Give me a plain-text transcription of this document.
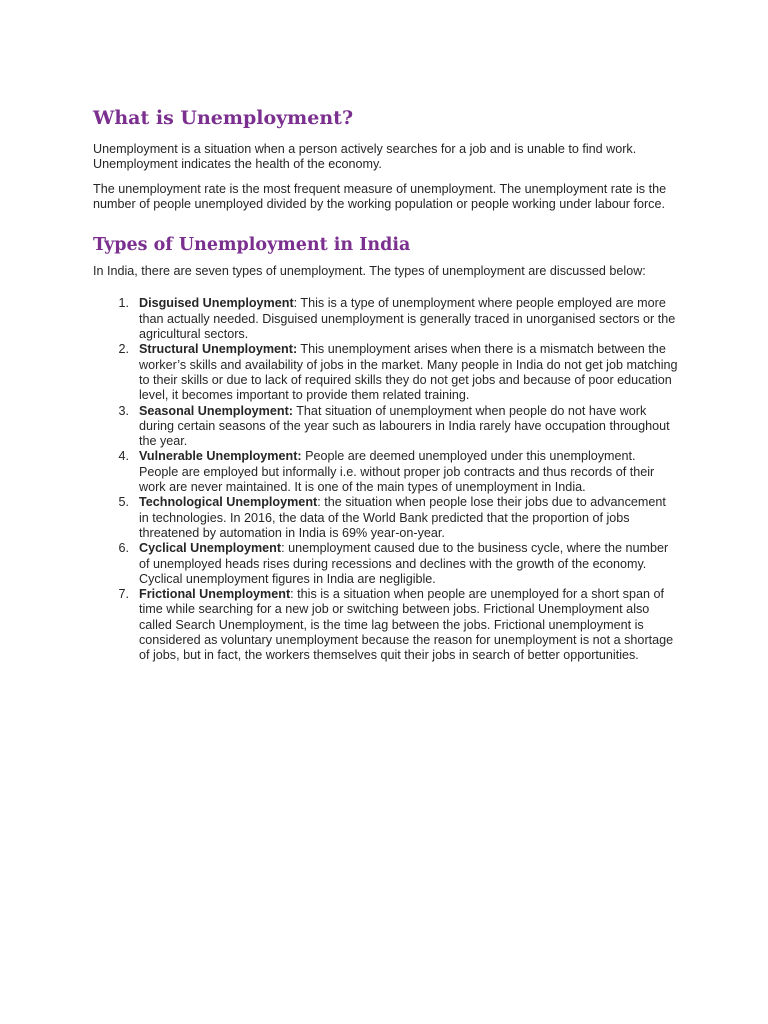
What is Unemployment?

Unemployment is a situation when a person actively searches for a job and is unable to find work. Unemployment indicates the health of the economy.

The unemployment rate is the most frequent measure of unemployment. The unemployment rate is the number of people unemployed divided by the working population or people working under labour force.

Types of Unemployment in India

In India, there are seven types of unemployment. The types of unemployment are discussed below:

1. Disguised Unemployment: This is a type of unemployment where people employed are more than actually needed. Disguised unemployment is generally traced in unorganised sectors or the agricultural sectors.
2. Structural Unemployment: This unemployment arises when there is a mismatch between the worker’s skills and availability of jobs in the market. Many people in India do not get job matching to their skills or due to lack of required skills they do not get jobs and because of poor education level, it becomes important to provide them related training.
3. Seasonal Unemployment: That situation of unemployment when people do not have work during certain seasons of the year such as labourers in India rarely have occupation throughout the year.
4. Vulnerable Unemployment: People are deemed unemployed under this unemployment. People are employed but informally i.e. without proper job contracts and thus records of their work are never maintained. It is one of the main types of unemployment in India.
5. Technological Unemployment: the situation when people lose their jobs due to advancement in technologies. In 2016, the data of the World Bank predicted that the proportion of jobs threatened by automation in India is 69% year-on-year.
6. Cyclical Unemployment: unemployment caused due to the business cycle, where the number of unemployed heads rises during recessions and declines with the growth of the economy. Cyclical unemployment figures in India are negligible.
7. Frictional Unemployment: this is a situation when people are unemployed for a short span of time while searching for a new job or switching between jobs. Frictional Unemployment also called Search Unemployment, is the time lag between the jobs. Frictional unemployment is considered as voluntary unemployment because the reason for unemployment is not a shortage of jobs, but in fact, the workers themselves quit their jobs in search of better opportunities.
